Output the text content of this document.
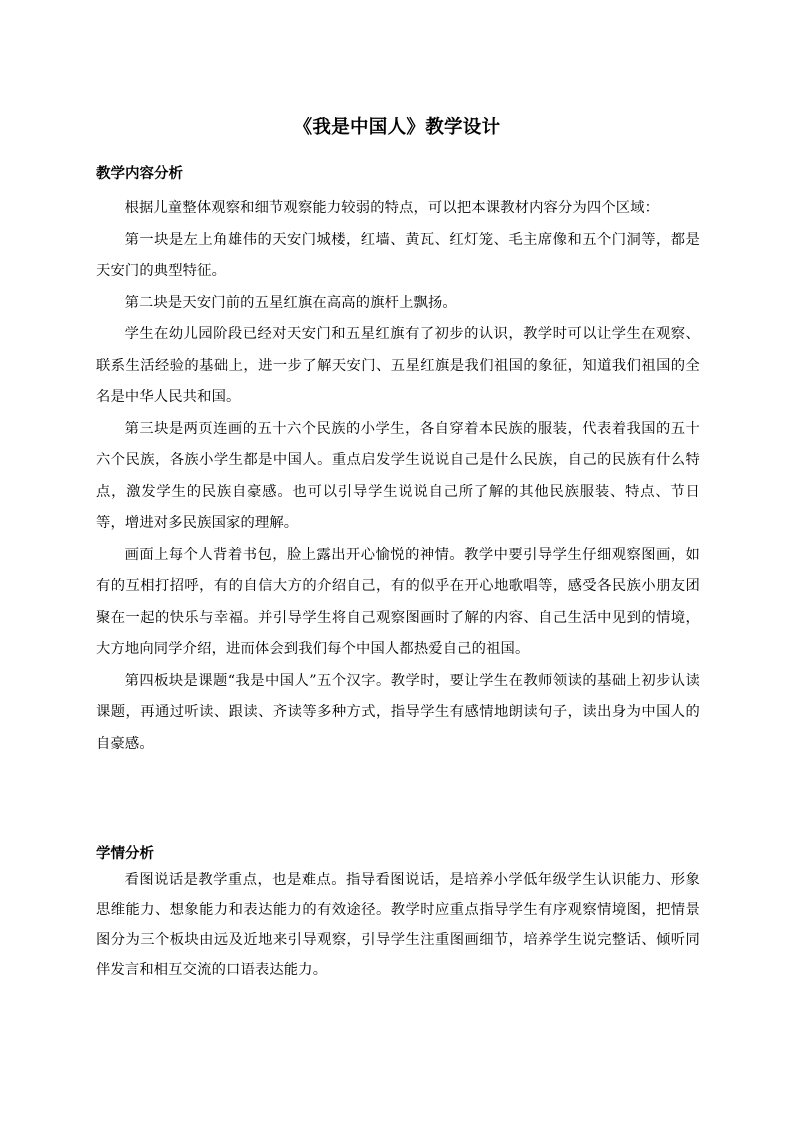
《我是中国人》教学设计

教学内容分析

根据儿童整体观察和细节观察能力较弱的特点，可以把本课教材内容分为四个区域：

第一块是左上角雄伟的天安门城楼，红墙、黄瓦、红灯笼、毛主席像和五个门洞等，都是天安门的典型特征。

第二块是天安门前的五星红旗在高高的旗杆上飘扬。

学生在幼儿园阶段已经对天安门和五星红旗有了初步的认识，教学时可以让学生在观察、联系生活经验的基础上，进一步了解天安门、五星红旗是我们祖国的象征，知道我们祖国的全名是中华人民共和国。

第三块是两页连画的五十六个民族的小学生，各自穿着本民族的服装，代表着我国的五十六个民族，各族小学生都是中国人。重点启发学生说说自己是什么民族，自己的民族有什么特点，激发学生的民族自豪感。也可以引导学生说说自己所了解的其他民族服装、特点、节日等，增进对多民族国家的理解。

画面上每个人背着书包，脸上露出开心愉悦的神情。教学中要引导学生仔细观察图画，如有的互相打招呼，有的自信大方的介绍自己，有的似乎在开心地歌唱等，感受各民族小朋友团聚在一起的快乐与幸福。并引导学生将自己观察图画时了解的内容、自己生活中见到的情境，大方地向同学介绍，进而体会到我们每个中国人都热爱自己的祖国。

第四板块是课题“我是中国人”五个汉字。教学时，要让学生在教师领读的基础上初步认读课题，再通过听读、跟读、齐读等多种方式，指导学生有感情地朗读句子，读出身为中国人的自豪感。

学情分析

看图说话是教学重点，也是难点。指导看图说话，是培养小学低年级学生认识能力、形象思维能力、想象能力和表达能力的有效途径。教学时应重点指导学生有序观察情境图，把情景图分为三个板块由远及近地来引导观察，引导学生注重图画细节，培养学生说完整话、倾听同伴发言和相互交流的口语表达能力。
